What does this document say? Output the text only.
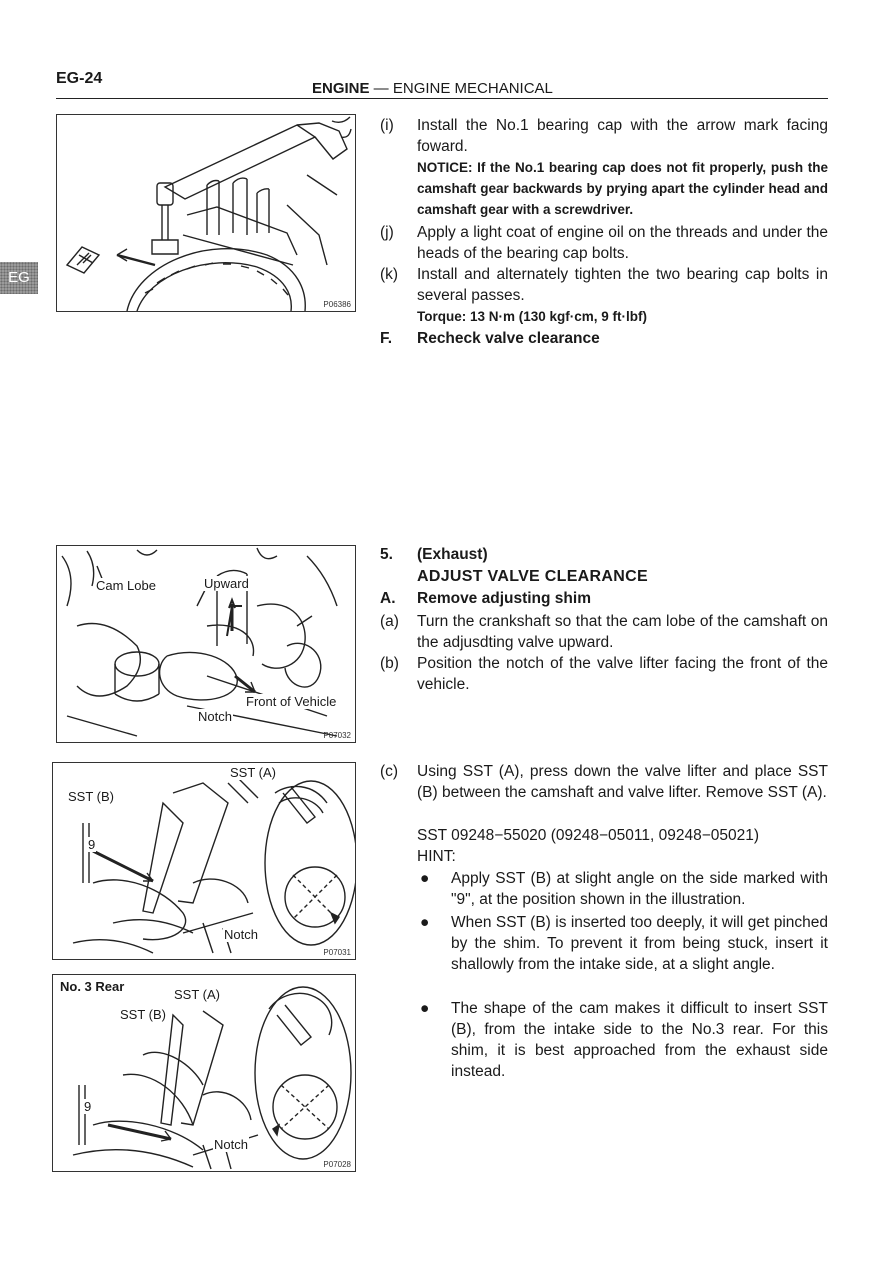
EG-24
ENGINE — ENGINE MECHANICAL
EG
P06386
Cam Lobe	Upward
Front of Vehicle
Notch
P07032
SST (A)
SST (B)
9
Notch
P07031
No. 3 Rear
SST (A)
SST (B)
9
Notch
P07028
(i) Install the No.1 bearing cap with the arrow mark facing foward.
NOTICE: If the No.1 bearing cap does not fit properly, push the camshaft gear backwards by prying apart the cylinder head and camshaft gear with a screwdriver.
(j) Apply a light coat of engine oil on the threads and under the heads of the bearing cap bolts.
(k) Install and alternately tighten the two bearing cap bolts in several passes.
Torque: 13 N·m (130 kgf·cm, 9 ft·lbf)
F. Recheck valve clearance
5. (Exhaust)
ADJUST VALVE CLEARANCE
A. Remove adjusting shim
(a) Turn the crankshaft so that the cam lobe of the camshaft on the adjusdting valve upward.
(b) Position the notch of the valve lifter facing the front of the vehicle.
(c) Using SST (A), press down the valve lifter and place SST (B) between the camshaft and valve lifter. Remove SST (A).
SST 09248−55020 (09248−05011, 09248−05021)
HINT:
● Apply SST (B) at slight angle on the side marked with "9", at the position shown in the illustration.
● When SST (B) is inserted too deeply, it will get pinched by the shim. To prevent it from being stuck, insert it shallowly from the intake side, at a slight angle.
● The shape of the cam makes it difficult to insert SST (B), from the intake side to the No.3 rear. For this shim, it is best approached from the exhaust side instead.
